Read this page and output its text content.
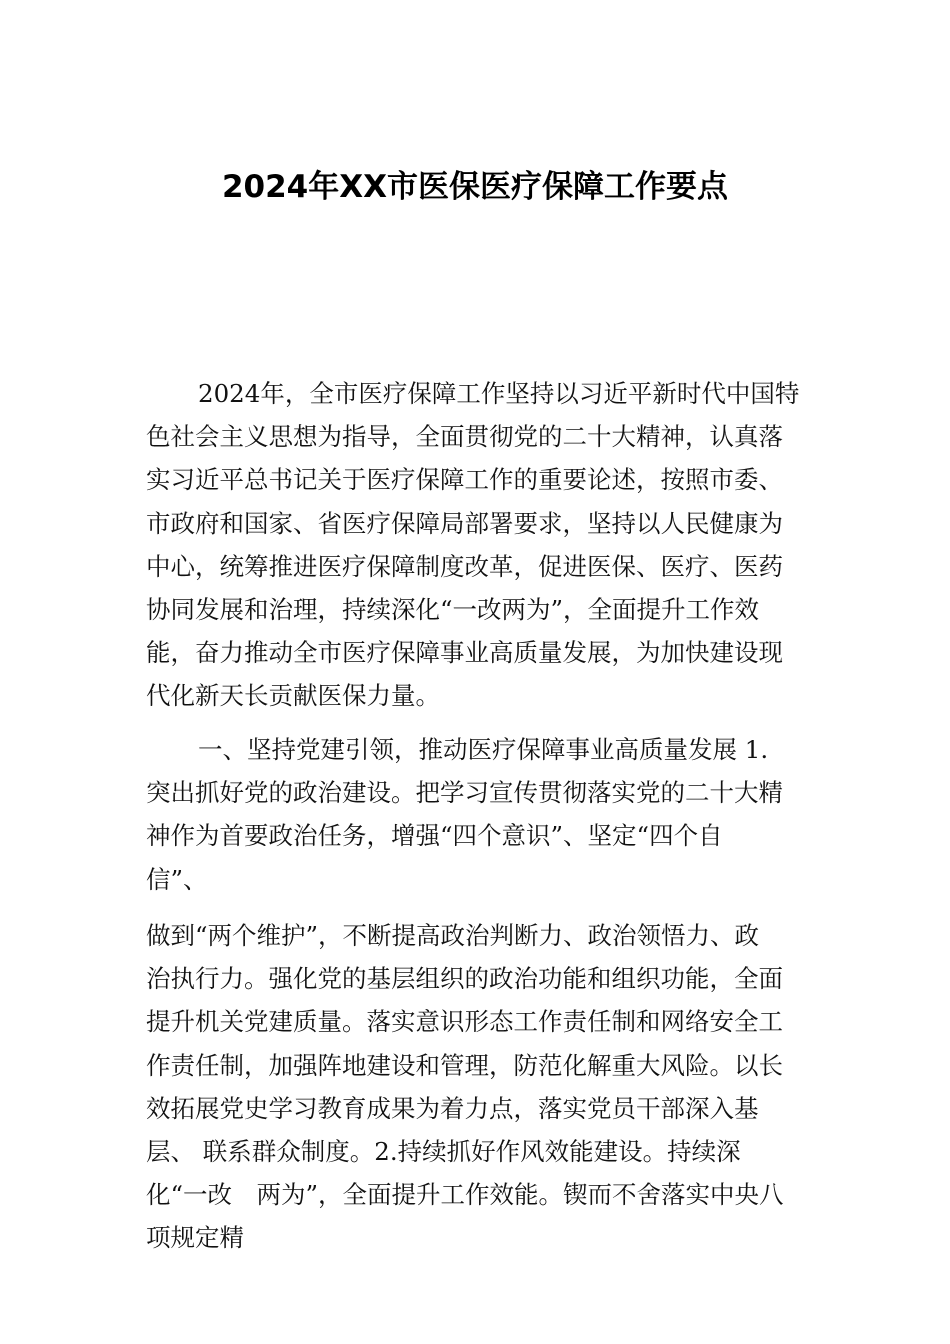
2024年XX市医保医疗保障工作要点
2024年，全市医疗保障工作坚持以习近平新时代中国特
色社会主义思想为指导，全面贯彻党的二十大精神，认真落
实习近平总书记关于医疗保障工作的重要论述，按照市委、
市政府和国家、省医疗保障局部署要求，坚持以人民健康为
中心，统筹推进医疗保障制度改革，促进医保、医疗、医药
协同发展和治理，持续深化“一改两为”，全面提升工作效
能，奋力推动全市医疗保障事业高质量发展，为加快建设现
代化新天长贡献医保力量。
一、坚持党建引领，推动医疗保障事业高质量发展 1.
突出抓好党的政治建设。把学习宣传贯彻落实党的二十大精
神作为首要政治任务，增强“四个意识”、坚定“四个自
信”、
做到“两个维护”，不断提高政治判断力、政治领悟力、政
治执行力。强化党的基层组织的政治功能和组织功能，全面
提升机关党建质量。落实意识形态工作责任制和网络安全工
作责任制，加强阵地建设和管理，防范化解重大风险。以长
效拓展党史学习教育成果为着力点，落实党员干部深入基
层、 联系群众制度。2.持续抓好作风效能建设。持续深
化“一改　两为”，全面提升工作效能。锲而不舍落实中央八
项规定精
